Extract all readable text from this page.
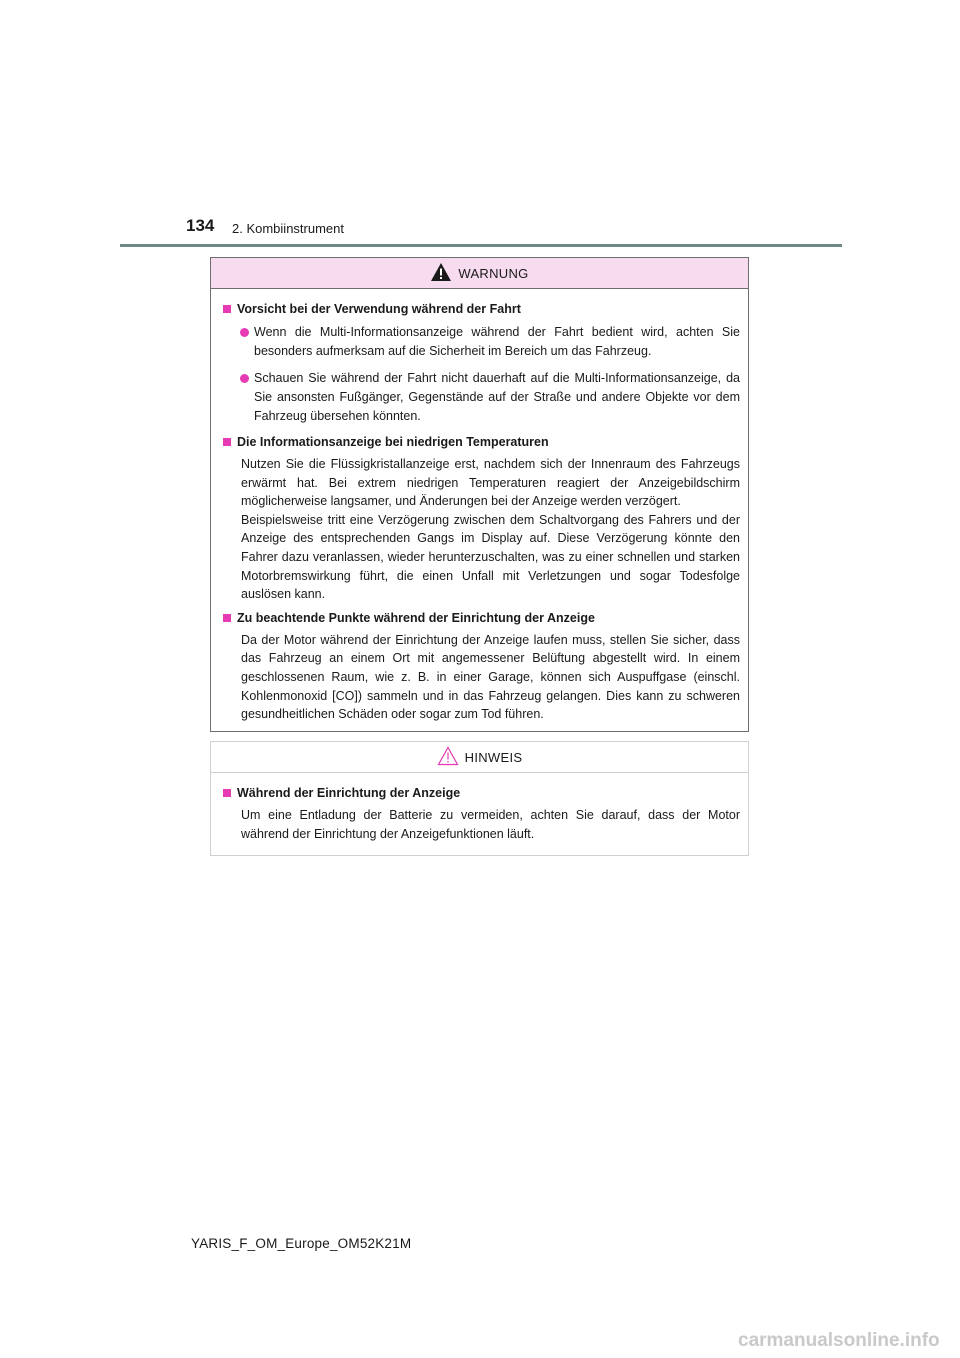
134 2. Kombiinstrument
WARNUNG
Vorsicht bei der Verwendung während der Fahrt
Wenn die Multi-Informationsanzeige während der Fahrt bedient wird, achten Sie besonders aufmerksam auf die Sicherheit im Bereich um das Fahrzeug.
Schauen Sie während der Fahrt nicht dauerhaft auf die Multi-Informationsanzeige, da Sie ansonsten Fußgänger, Gegenstände auf der Straße und andere Objekte vor dem Fahrzeug übersehen könnten.
Die Informationsanzeige bei niedrigen Temperaturen
Nutzen Sie die Flüssigkristallanzeige erst, nachdem sich der Innenraum des Fahrzeugs erwärmt hat. Bei extrem niedrigen Temperaturen reagiert der Anzeigebildschirm möglicherweise langsamer, und Änderungen bei der Anzeige werden verzögert.
Beispielsweise tritt eine Verzögerung zwischen dem Schaltvorgang des Fahrers und der Anzeige des entsprechenden Gangs im Display auf. Diese Verzögerung könnte den Fahrer dazu veranlassen, wieder herunterzuschalten, was zu einer schnellen und starken Motorbremswirkung führt, die einen Unfall mit Verletzungen und sogar Todesfolge auslösen kann.
Zu beachtende Punkte während der Einrichtung der Anzeige
Da der Motor während der Einrichtung der Anzeige laufen muss, stellen Sie sicher, dass das Fahrzeug an einem Ort mit angemessener Belüftung abgestellt wird. In einem geschlossenen Raum, wie z. B. in einer Garage, können sich Auspuffgase (einschl. Kohlenmonoxid [CO]) sammeln und in das Fahrzeug gelangen. Dies kann zu schweren gesundheitlichen Schäden oder sogar zum Tod führen.
HINWEIS
Während der Einrichtung der Anzeige
Um eine Entladung der Batterie zu vermeiden, achten Sie darauf, dass der Motor während der Einrichtung der Anzeigefunktionen läuft.
YARIS_F_OM_Europe_OM52K21M
carmanualsonline.info
